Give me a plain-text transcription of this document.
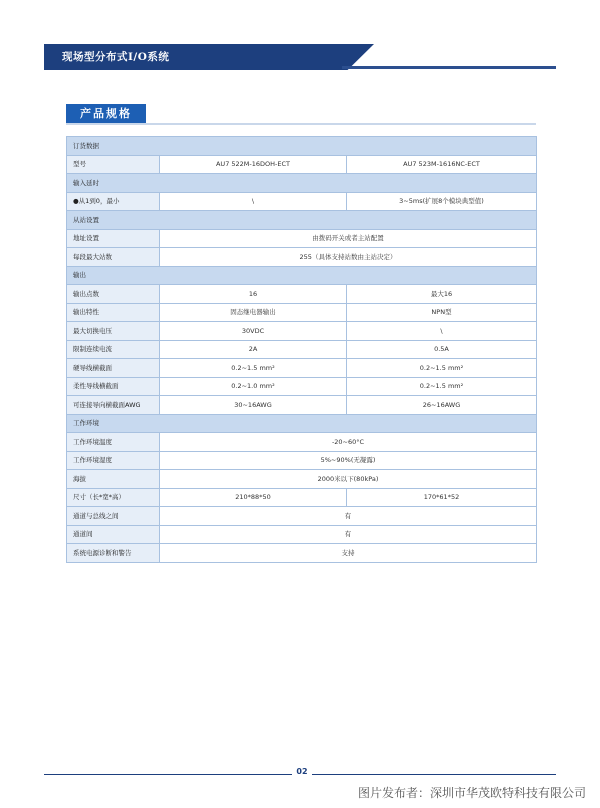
现场型分布式I/O系统
产品规格
订货数据		
型号	AU7 522M-16DOH-ECT	AU7 523M-1616NC-ECT
输入延时		
●从1到0，最小	\	3~5ms(扩展8个模块典型值)
从站设置		
地址设置	由拨码开关或者主站配置	
每段最大站数	255（具体支持站数由主站决定）	
输出		
输出点数	16	最大16
输出特性	固态继电器输出	NPN型
最大切换电压	30VDC	\
限制连续电流	2A	0.5A
硬导线横截面	0.2~1.5 mm²	0.2~1.5 mm²
柔性导线横截面	0.2~1.0 mm²	0.2~1.5 mm²
可连接导向横截面AWG	30~16AWG	26~16AWG
工作环境		
工作环境温度	-20~60°C	
工作环境湿度	5%~90%(无凝露)	
海拔	2000米以下(80kPa)	
尺寸（长*宽*高）	210*88*50	170*61*52
通道与总线之间	有	
通道间	有	
系统电源诊断和警告	支持	
02
图片发布者：深圳市华茂欧特科技有限公司
